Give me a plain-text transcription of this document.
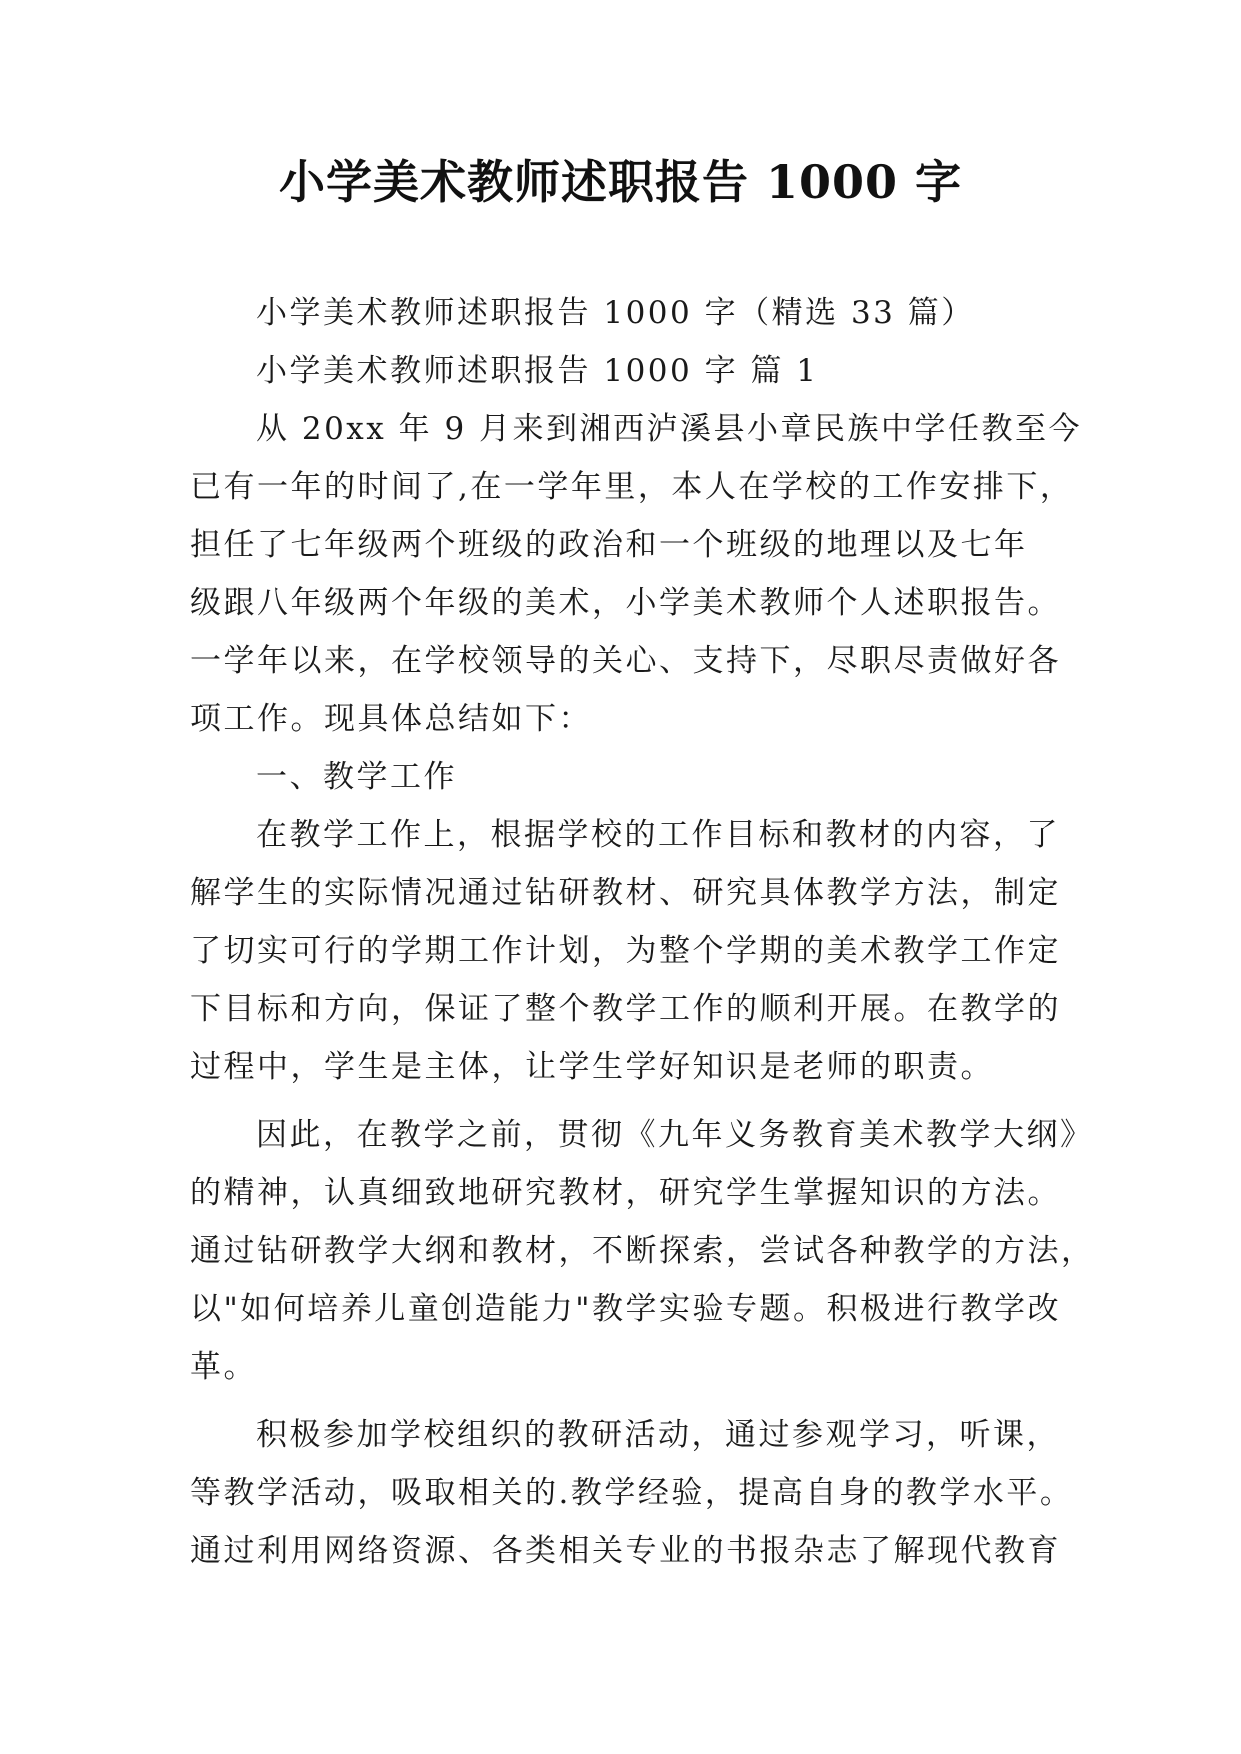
小学美术教师述职报告 1000 字
小学美术教师述职报告 1000 字（精选 33 篇）
小学美术教师述职报告 1000 字 篇 1
从 20xx 年 9 月来到湘西泸溪县小章民族中学任教至今
已有一年的时间了,在一学年里，本人在学校的工作安排下，
担任了七年级两个班级的政治和一个班级的地理以及七年
级跟八年级两个年级的美术，小学美术教师个人述职报告。
一学年以来，在学校领导的关心、支持下，尽职尽责做好各
项工作。现具体总结如下：
一、教学工作
在教学工作上，根据学校的工作目标和教材的内容，了
解学生的实际情况通过钻研教材、研究具体教学方法，制定
了切实可行的学期工作计划，为整个学期的美术教学工作定
下目标和方向，保证了整个教学工作的顺利开展。在教学的
过程中，学生是主体，让学生学好知识是老师的职责。
因此，在教学之前，贯彻《九年义务教育美术教学大纲》
的精神，认真细致地研究教材，研究学生掌握知识的方法。
通过钻研教学大纲和教材，不断探索，尝试各种教学的方法，
以"如何培养儿童创造能力"教学实验专题。积极进行教学改
革。
积极参加学校组织的教研活动，通过参观学习，听课，
等教学活动，吸取相关的.教学经验，提高自身的教学水平。
通过利用网络资源、各类相关专业的书报杂志了解现代教育
